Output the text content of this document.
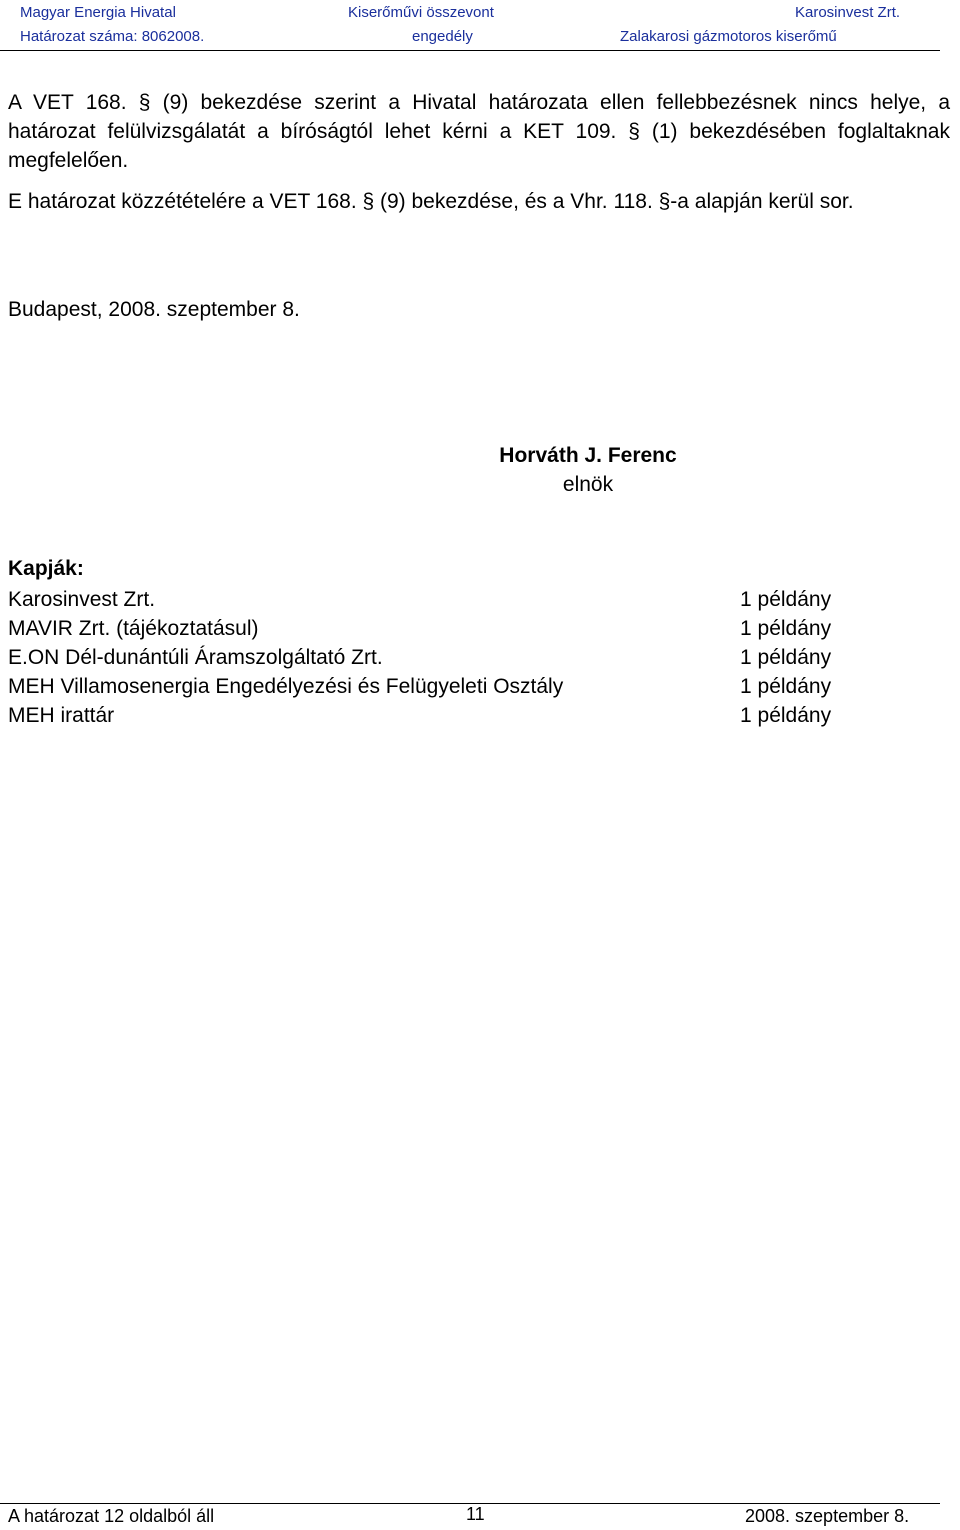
Magyar Energia Hivatal	Kiserőművi összevont	Karosinvest Zrt.
Határozat száma: 8062008.	engedély	Zalakarosi gázmotoros kiserőmű

A VET 168. § (9) bekezdése szerint a Hivatal határozata ellen fellebbezésnek nincs helye, a határozat felülvizsgálatát a bíróságtól lehet kérni a KET 109. § (1) bekezdésében foglaltaknak megfelelően.

E határozat közzétételére a VET 168. § (9) bekezdése, és a Vhr. 118. §-a alapján kerül sor.

Budapest, 2008. szeptember 8.
Horváth J. Ferenc
elnök
Kapják:
Karosinvest Zrt.	1 példány
MAVIR Zrt. (tájékoztatásul)	1 példány
E.ON Dél-dunántúli Áramszolgáltató Zrt.	1 példány
MEH Villamosenergia Engedélyezési és Felügyeleti Osztály	1 példány
MEH irattár	1 példány
A határozat 12 oldalból áll	11	2008. szeptember 8.
